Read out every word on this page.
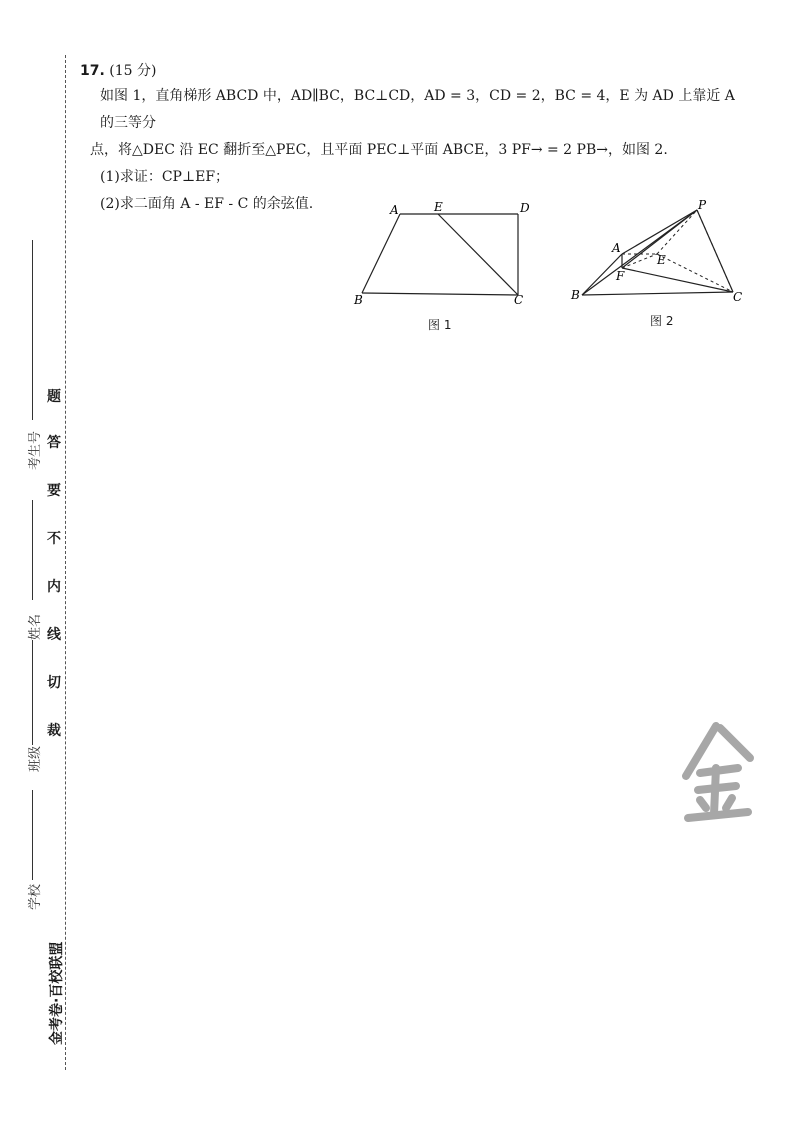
考生号
姓名
班级
学校
题
答
要
不
内
线
切
裁
金考卷·百校联盟
17. (15 分)

如图 1，直角梯形 ABCD 中，AD∥BC，BC⊥CD，AD = 3，CD = 2，BC = 4，E 为 AD 上靠近 A 的三等分

点，将△DEC 沿 EC 翻折至△PEC，且平面 PEC⊥平面 ABCE，3 PF→ = 2 PB→，如图 2.

(1)求证：CP⊥EF；

(2)求二面角 A - EF - C 的余弦值.	A	E	D
B	C
图 1
P
A
E
F
B	C
图 2
